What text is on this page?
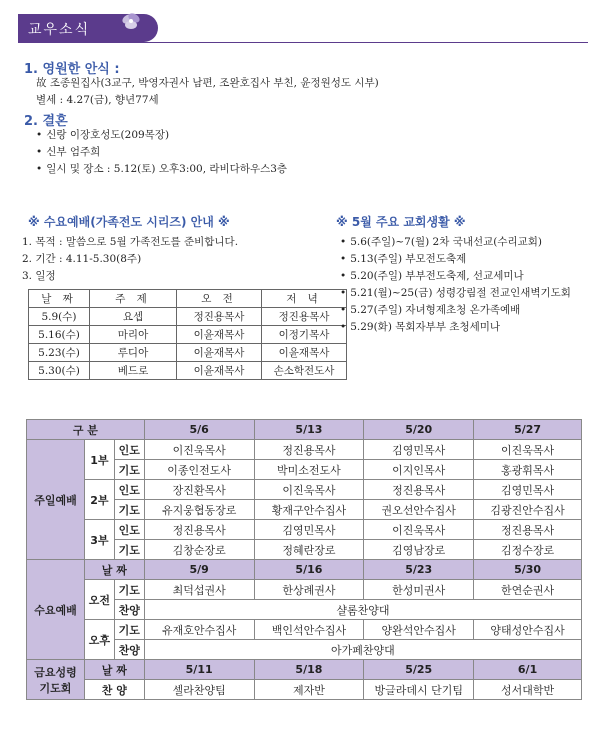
교우소식
1. 영원한 안식 :
故 조종원집사(3교구, 박영자권사 남편, 조완호집사 부친, 윤정원성도 시부)
별세 : 4.27(금), 향년77세
2. 결혼
• 신랑 이장호성도(209목장)
• 신부 엄주희
• 일시 및 장소 : 5.12(토) 오후3:00, 라비다하우스3층
※ 수요예배(가족전도 시리즈) 안내 ※
1. 목적 : 말씀으로 5월 가족전도를 준비합니다.
2. 기간 : 4.11-5.30(8주)
3. 일정
날 짜	주 제	오 전	저 녁
5.9(수)	요셉	정진용목사	정진용목사
5.16(수)	마리아	이윤재목사	이정기목사
5.23(수)	루디아	이윤재목사	이윤재목사
5.30(수)	베드로	이윤재목사	손소학전도사
※ 5월 주요 교회생활 ※
• 5.6(주일)~7(월) 2차 국내선교(수리교회)
• 5.13(주일) 부모전도축제
• 5.20(주일) 부부전도축제, 선교세미나
• 5.21(월)~25(금) 성령강림절 전교인새벽기도회
• 5.27(주일) 자녀형제초청 온가족예배
• 5.29(화) 목회자부부 초청세미나
구 분			5/6	5/13	5/20	5/27
주일예배	1부	인도	이진욱목사	정진용목사	김영민목사	이진욱목사
		기도	이종인전도사	박미소전도사	이지인목사	홍광휘목사
	2부	인도	장진환목사	이진욱목사	정진용목사	김영민목사
		기도	유지웅협동장로	황재구안수집사	권오선안수집사	김광진안수집사
	3부	인도	정진용목사	김영민목사	이진욱목사	정진용목사
		기도	김창순장로	정혜란장로	김영남장로	김정수장로
수요예배	날 짜		5/9	5/16	5/23	5/30
	오전	기도	최덕섭권사	한상례권사	한성미권사	한연순권사
		찬양	샬롬찬양대			
	오후	기도	유재호안수집사	백인석안수집사	양완석안수집사	양태성안수집사
		찬양	아가페찬양대			
금요성령
기도회	날 짜		5/11	5/18	5/25	6/1
	찬 양		셀라찬양팀	제자반	방글라데시 단기팀	성서대학반
